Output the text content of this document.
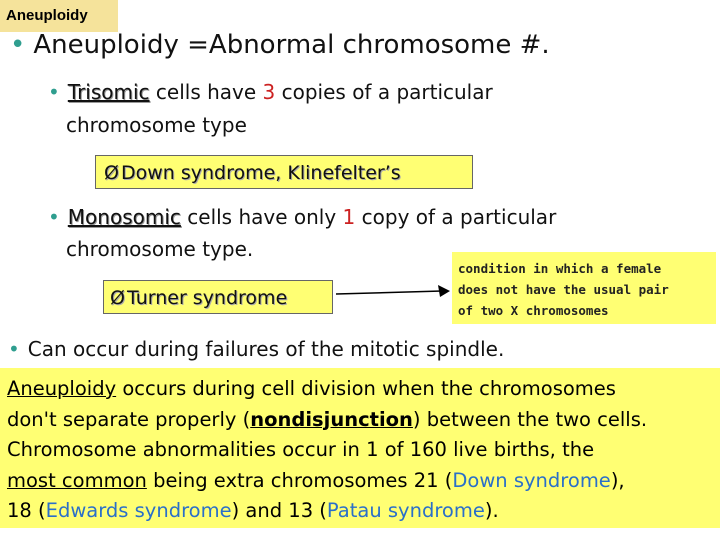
Aneuploidy
• Aneuploidy =Abnormal chromosome #.
• Trisomic cells have 3 copies of a particular
chromosome type
Ø Down syndrome, Klinefelter’s
• Monosomic cells have only 1 copy of a particular
chromosome type.
Ø Turner syndrome
condition in which a female
does not have the usual pair
of two X chromosomes
• Can occur during failures of the mitotic spindle.
Aneuploidy occurs during cell division when the chromosomes
don't separate properly (nondisjunction) between the two cells.
Chromosome abnormalities occur in 1 of 160 live births, the
most common being extra chromosomes 21 (Down syndrome),
18 (Edwards syndrome) and 13 (Patau syndrome).
